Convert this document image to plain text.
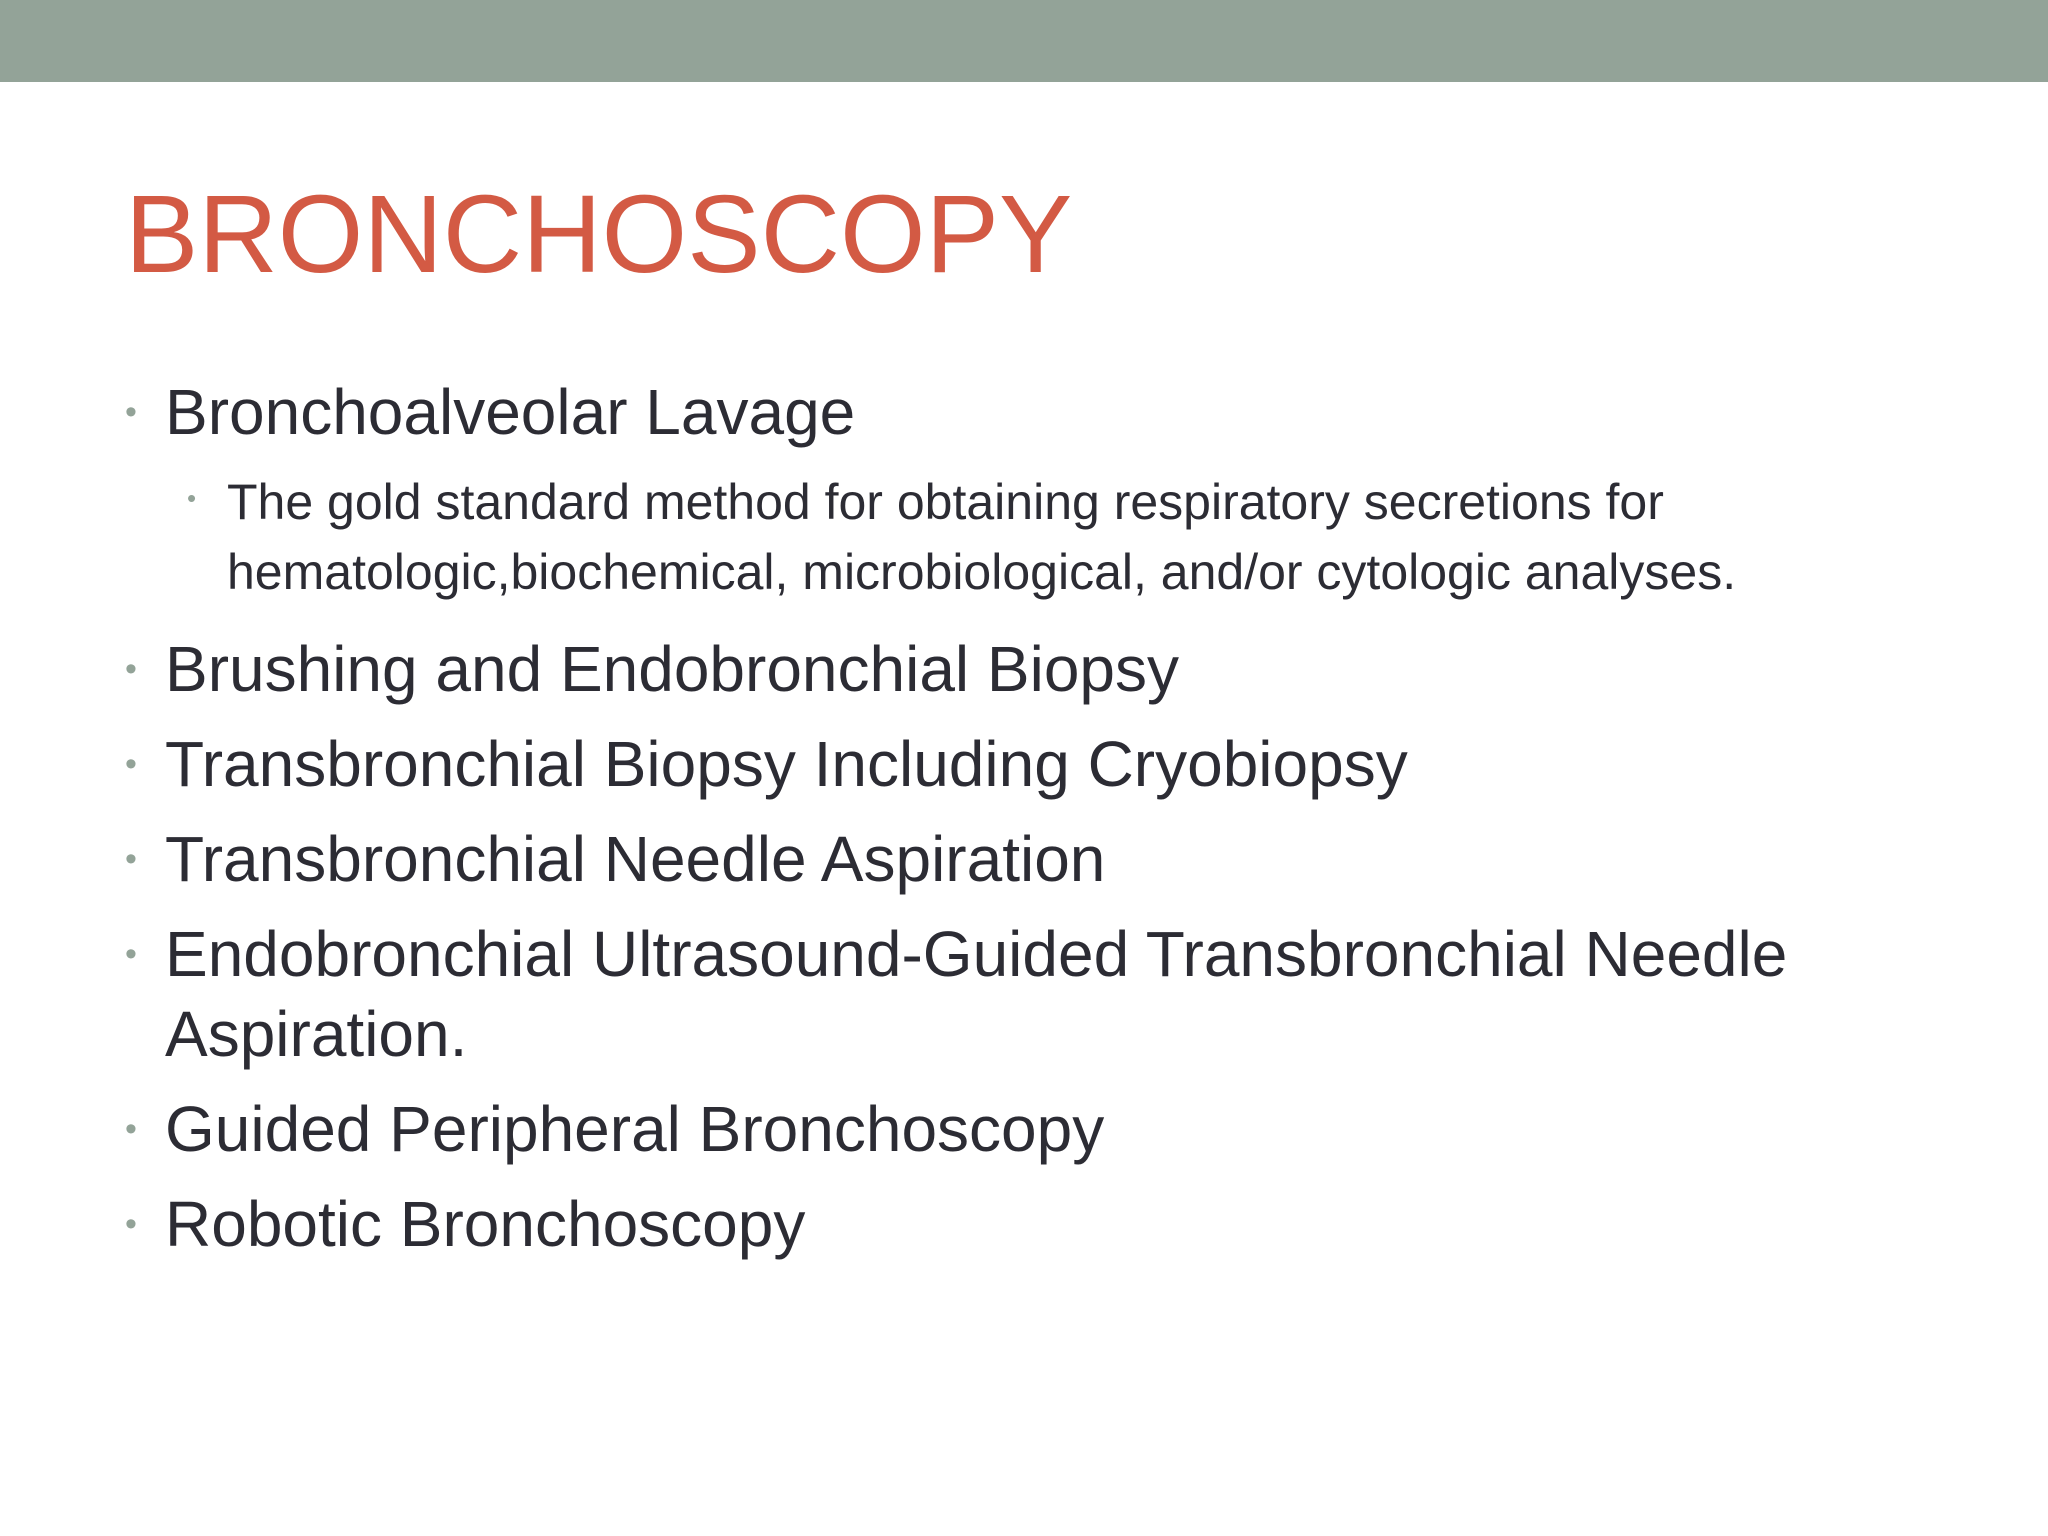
BRONCHOSCOPY
• Bronchoalveolar Lavage
• The gold standard method for obtaining respiratory secretions for hematologic,biochemical, microbiological, and/or cytologic analyses.
• Brushing and Endobronchial Biopsy
• Transbronchial Biopsy Including Cryobiopsy
• Transbronchial Needle Aspiration
• Endobronchial Ultrasound-Guided Transbronchial Needle Aspiration.
• Guided Peripheral Bronchoscopy
• Robotic Bronchoscopy
